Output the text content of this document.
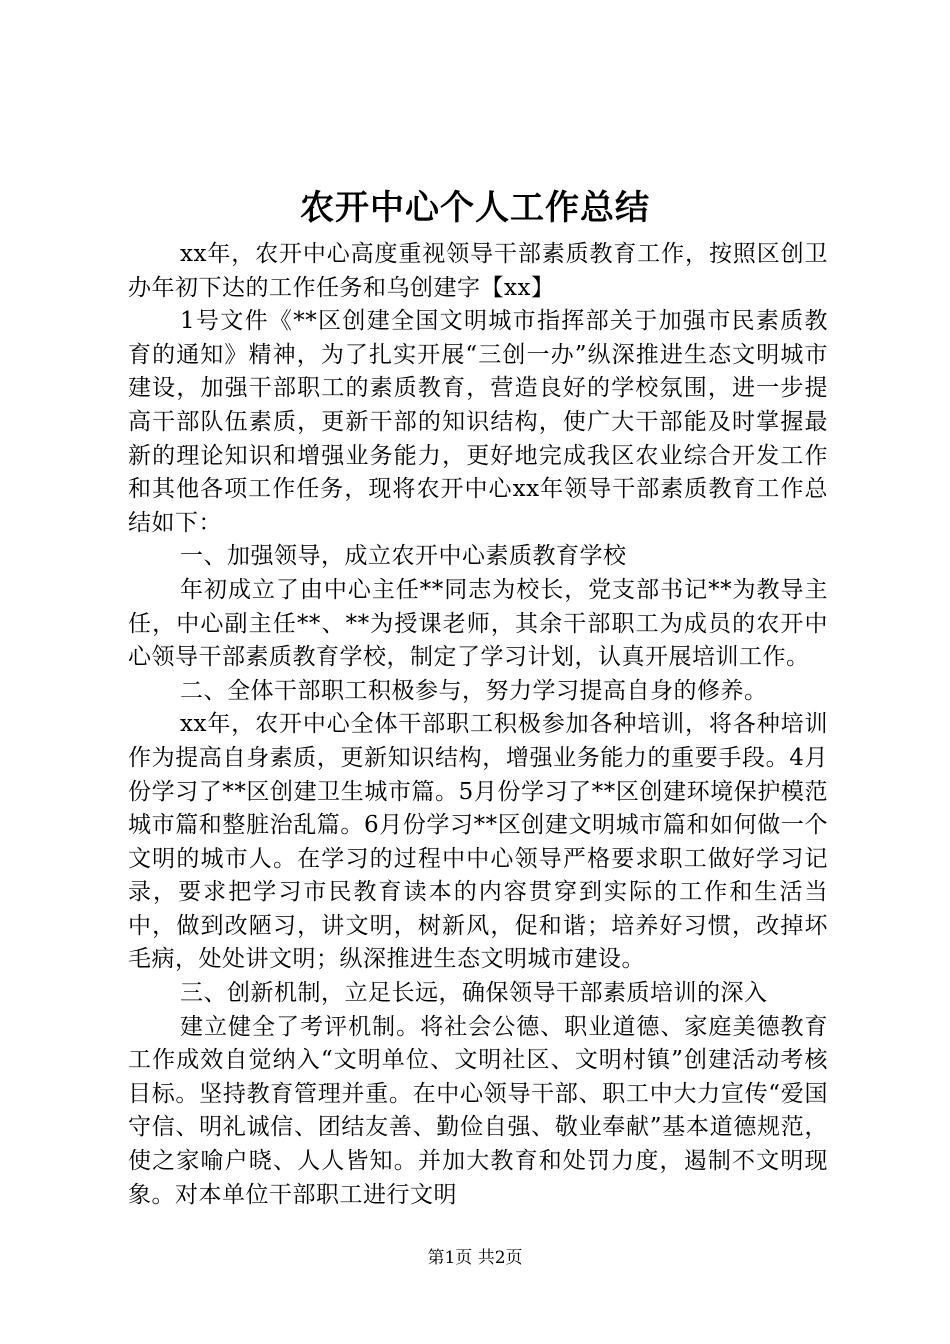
农开中心个人工作总结

xx年，农开中心高度重视领导干部素质教育工作，按照区创卫办年初下达的工作任务和乌创建字【xx】

1号文件《**区创建全国文明城市指挥部关于加强市民素质教育的通知》精神，为了扎实开展“三创一办”纵深推进生态文明城市建设，加强干部职工的素质教育，营造良好的学校氛围，进一步提高干部队伍素质，更新干部的知识结构，使广大干部能及时掌握最新的理论知识和增强业务能力，更好地完成我区农业综合开发工作和其他各项工作任务，现将农开中心xx年领导干部素质教育工作总结如下：

一、加强领导，成立农开中心素质教育学校

年初成立了由中心主任**同志为校长，党支部书记**为教导主任，中心副主任**、**为授课老师，其余干部职工为成员的农开中心领导干部素质教育学校，制定了学习计划，认真开展培训工作。

二、全体干部职工积极参与，努力学习提高自身的修养。

xx年，农开中心全体干部职工积极参加各种培训，将各种培训作为提高自身素质，更新知识结构，增强业务能力的重要手段。4月份学习了**区创建卫生城市篇。5月份学习了**区创建环境保护模范城市篇和整脏治乱篇。6月份学习**区创建文明城市篇和如何做一个文明的城市人。在学习的过程中中心领导严格要求职工做好学习记录，要求把学习市民教育读本的内容贯穿到实际的工作和生活当中，做到改陋习，讲文明，树新风，促和谐；培养好习惯，改掉坏毛病，处处讲文明；纵深推进生态文明城市建设。

三、创新机制，立足长远，确保领导干部素质培训的深入

建立健全了考评机制。将社会公德、职业道德、家庭美德教育工作成效自觉纳入“文明单位、文明社区、文明村镇”创建活动考核目标。坚持教育管理并重。在中心领导干部、职工中大力宣传“爱国守信、明礼诚信、团结友善、勤俭自强、敬业奉献”基本道德规范，使之家喻户晓、人人皆知。并加大教育和处罚力度，遏制不文明现象。对本单位干部职工进行文明

第1页 共2页
